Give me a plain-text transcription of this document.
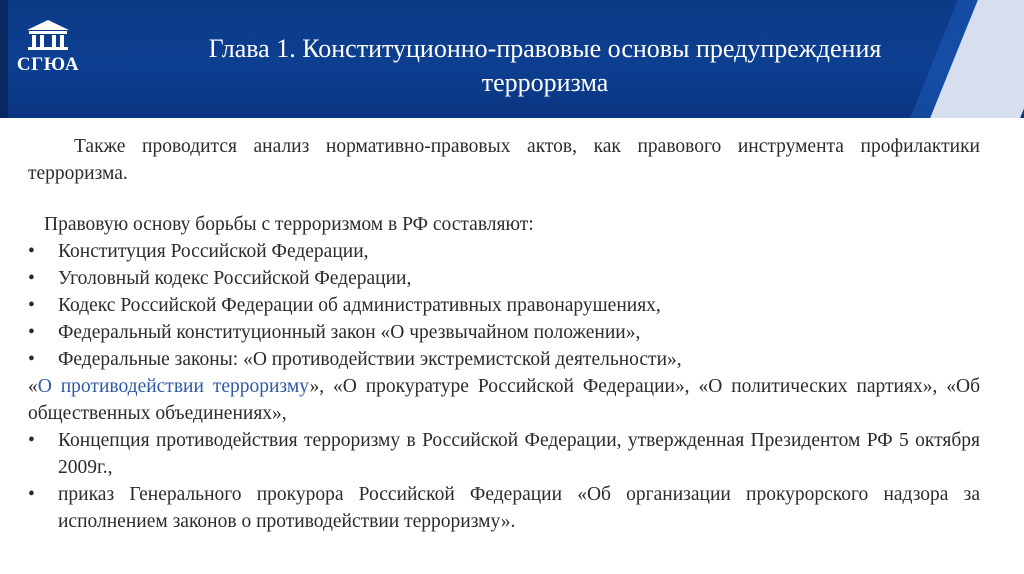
СГЮА
Глава 1. Конституционно-правовые основы предупреждения
терроризма

Также проводится анализ нормативно-правовых актов, как правового инструмента профилактики терроризма.

Правовую основу борьбы с терроризмом в РФ составляют:
•	Конституция Российской Федерации,
•	Уголовный кодекс Российской Федерации,
•	Кодекс Российской Федерации об административных правонарушениях,
•	Федеральный конституционный закон «О чрезвычайном положении»,
•	Федеральные законы: «О противодействии экстремистской деятельности»,

«О противодействии терроризму», «О прокуратуре Российской Федерации», «О политических партиях», «Об общественных объединениях»,

•	Концепция противодействия терроризму в Российской Федерации, утвержденная Президентом РФ 5 октября 2009г.,
•	приказ Генерального прокурора Российской Федерации «Об организации прокурорского надзора за исполнением законов о противодействии терроризму».
